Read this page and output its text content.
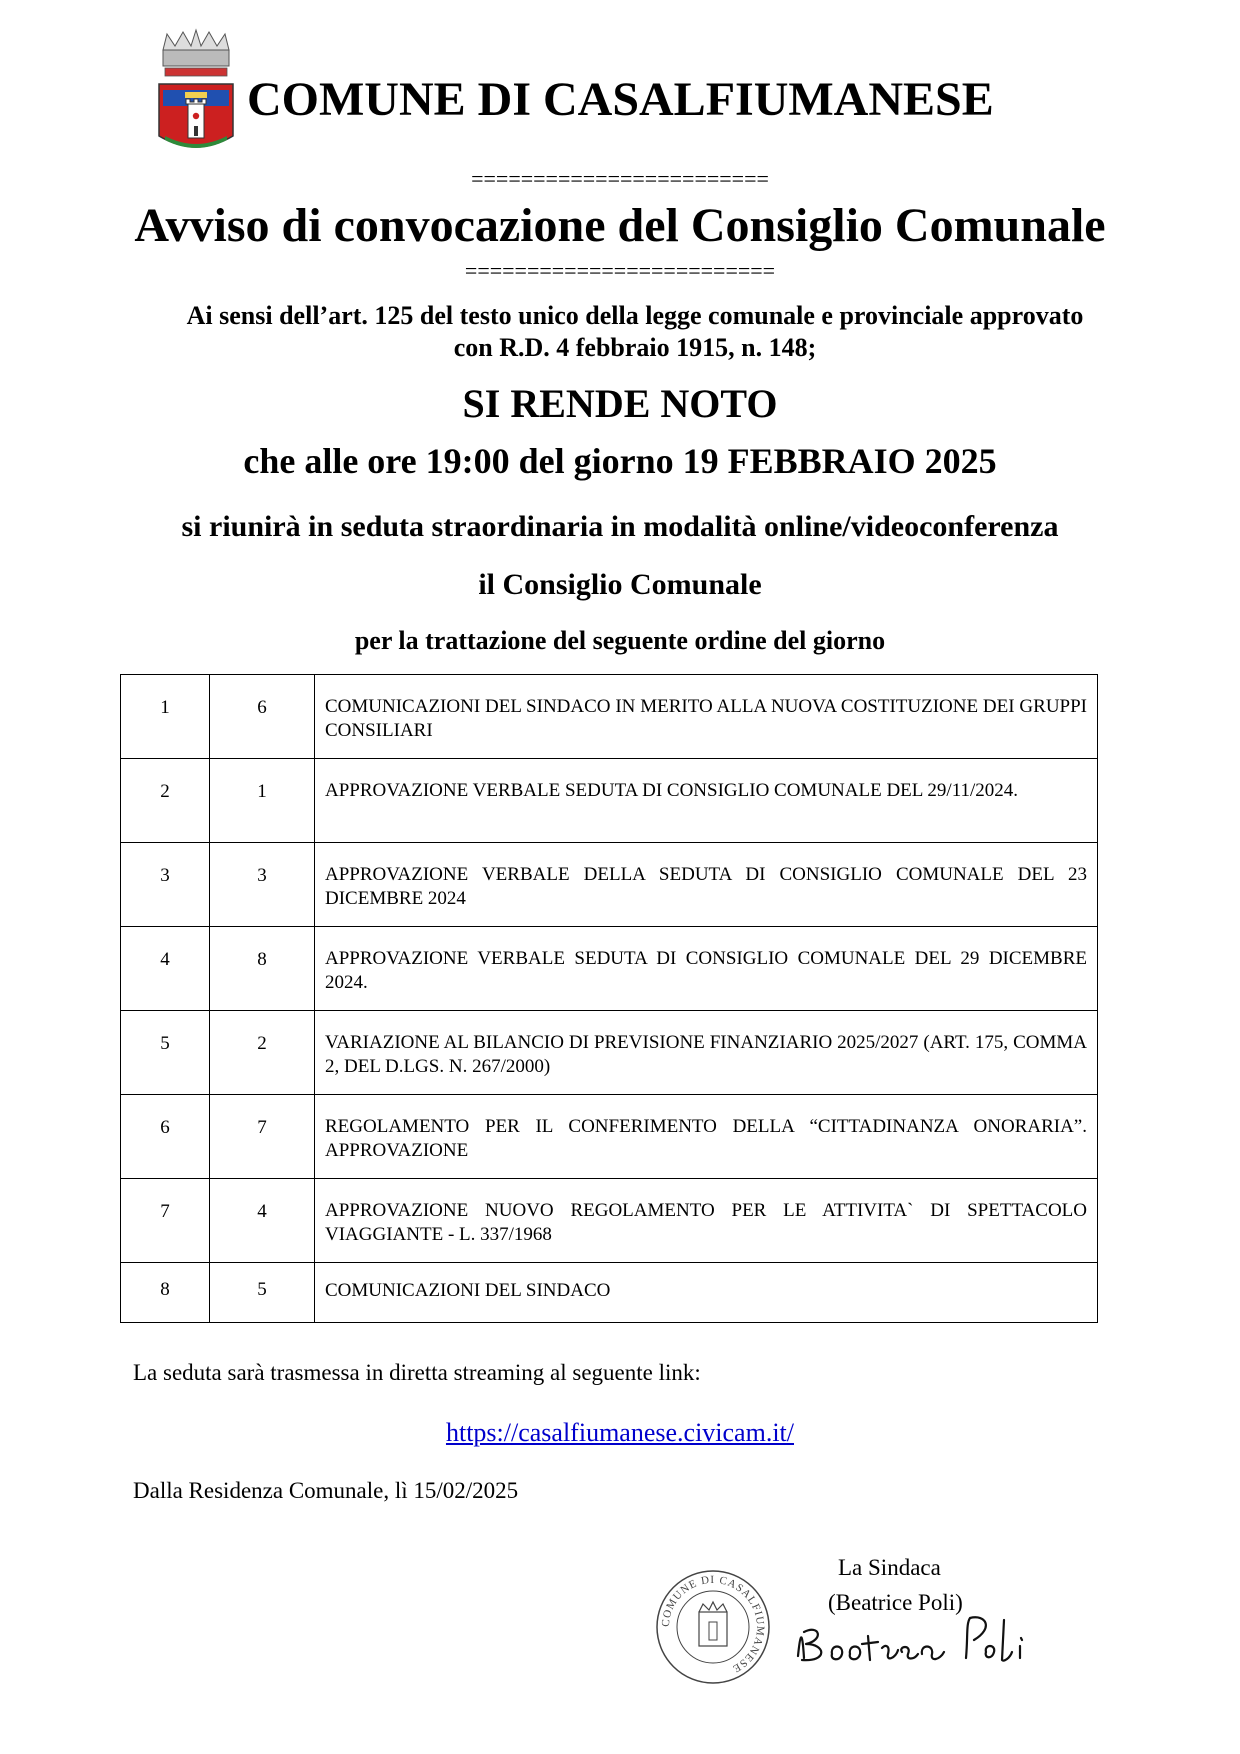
COMUNE DI CASALFIUMANESE
========================
Avviso di convocazione del Consiglio Comunale
=========================
Ai sensi dell’art. 125 del testo unico della legge comunale e provinciale approvato
con R.D. 4 febbraio 1915, n. 148;
SI RENDE NOTO
che alle ore 19:00 del giorno 19 FEBBRAIO 2025
si riunirà in seduta straordinaria in modalità online/videoconferenza
il Consiglio Comunale
per la trattazione del seguente ordine del giorno
1	6	COMUNICAZIONI DEL SINDACO IN MERITO ALLA NUOVA COSTITUZIONE DEI GRUPPI CONSILIARI
2	1	APPROVAZIONE VERBALE SEDUTA DI CONSIGLIO COMUNALE DEL 29/11/2024.
3	3	APPROVAZIONE VERBALE DELLA SEDUTA DI CONSIGLIO COMUNALE DEL 23 DICEMBRE 2024
4	8	APPROVAZIONE VERBALE SEDUTA DI CONSIGLIO COMUNALE DEL 29 DICEMBRE 2024.
5	2	VARIAZIONE AL BILANCIO DI PREVISIONE FINANZIARIO 2025/2027 (ART. 175, COMMA 2, DEL D.LGS. N. 267/2000)
6	7	REGOLAMENTO PER IL CONFERIMENTO DELLA “CITTADINANZA ONORARIA”. APPROVAZIONE
7	4	APPROVAZIONE NUOVO REGOLAMENTO PER LE ATTIVITA` DI SPETTACOLO VIAGGIANTE - L. 337/1968
8	5	COMUNICAZIONI DEL SINDACO
La seduta sarà trasmessa in diretta streaming al seguente link:
https://casalfiumanese.civicam.it/
Dalla Residenza Comunale, lì 15/02/2025
COMUNE DI CASALFIUMANESE
La Sindaca
(Beatrice Poli)
